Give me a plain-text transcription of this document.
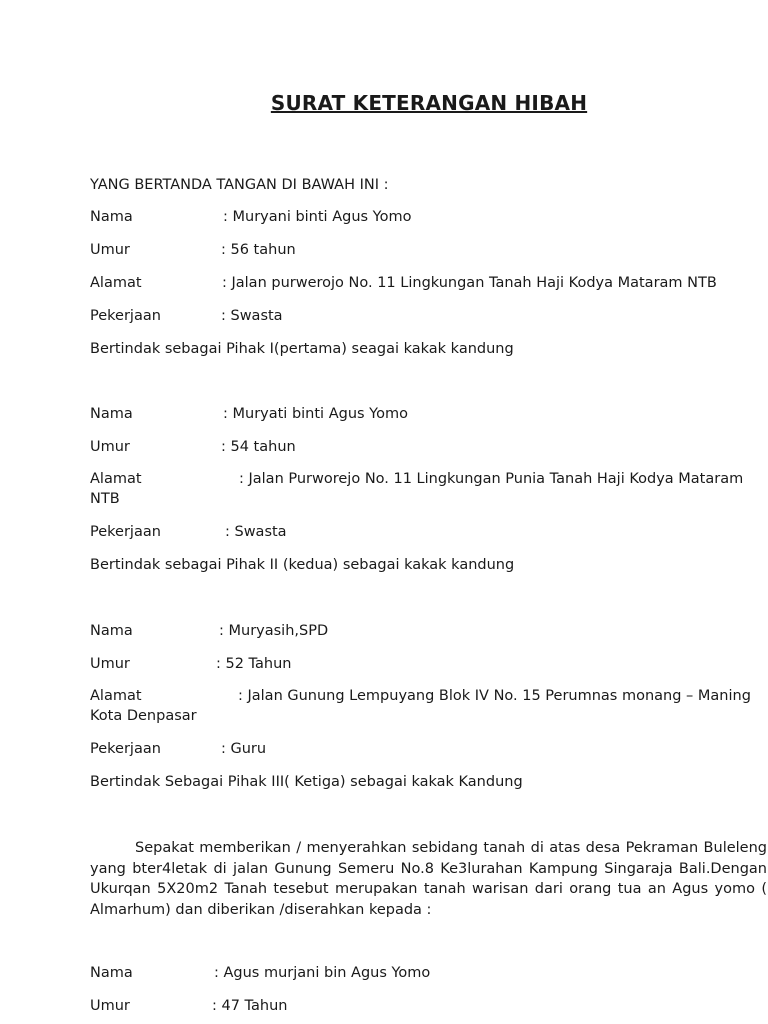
SURAT KETERANGAN HIBAH
YANG BERTANDA TANGAN DI BAWAH INI :
Nama	: Muryani binti Agus Yomo
Umur	: 56 tahun
Alamat	: Jalan purwerojo No. 11 Lingkungan Tanah Haji Kodya Mataram NTB
Pekerjaan	: Swasta
Bertindak sebagai Pihak I(pertama) seagai kakak kandung
Nama	: Muryati binti Agus Yomo
Umur	: 54 tahun
Alamat	: Jalan Purworejo No. 11 Lingkungan Punia Tanah Haji Kodya Mataram
NTB
Pekerjaan	: Swasta
Bertindak sebagai Pihak II (kedua) sebagai kakak kandung
Nama	: Muryasih,SPD
Umur	: 52 Tahun
Alamat	: Jalan Gunung Lempuyang Blok IV No. 15 Perumnas monang – Maning
Kota Denpasar
Pekerjaan	: Guru
Bertindak Sebagai Pihak III( Ketiga) sebagai kakak Kandung
Sepakat memberikan / menyerahkan sebidang tanah di atas desa Pekraman Buleleng yang bter4letak di jalan Gunung Semeru No.8 Ke3lurahan Kampung Singaraja Bali.Dengan Ukurqan 5X20m2 Tanah tesebut merupakan tanah warisan dari orang tua an Agus yomo ( Almarhum) dan diberikan /diserahkan kepada :
Nama	: Agus murjani bin Agus Yomo
Umur	: 47 Tahun
